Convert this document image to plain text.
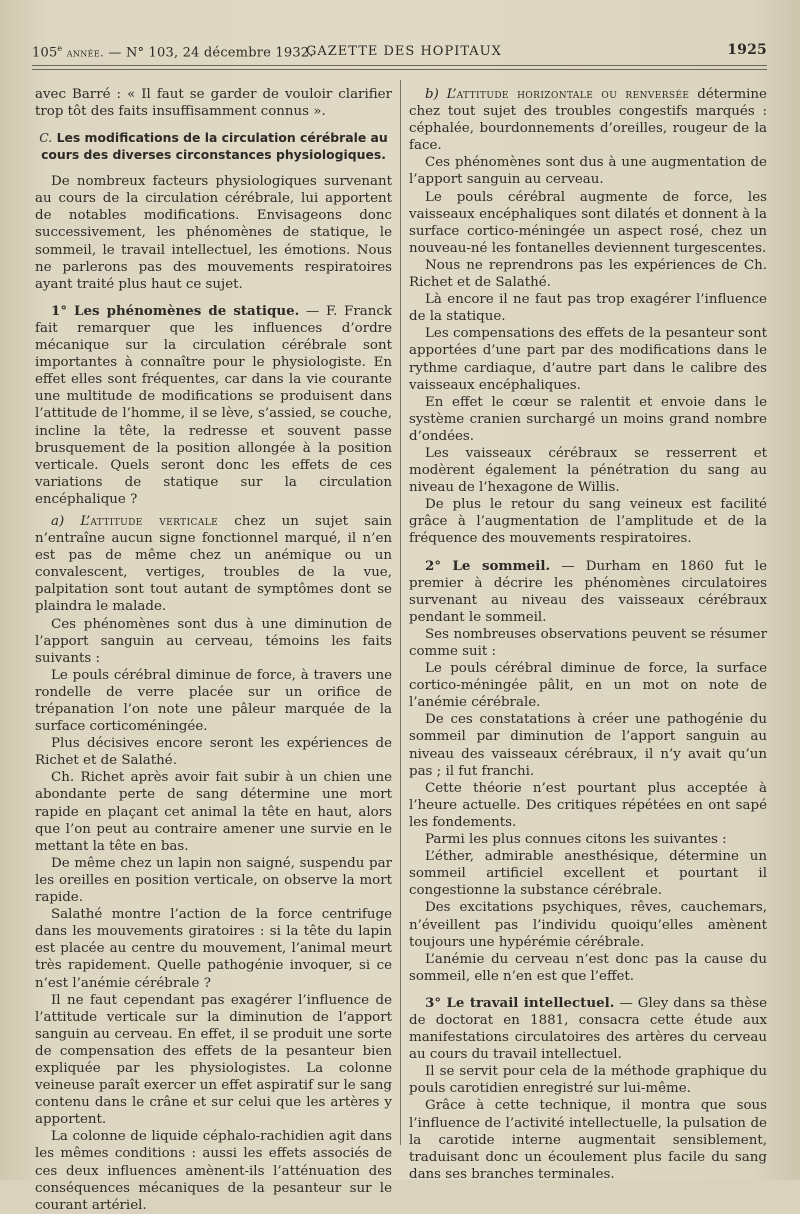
105e année. — N° 103, 24 décembre 1932.
GAZETTE DES HOPITAUX	1925

avec Barré : « Il faut se garder de vouloir clarifier trop tôt des faits insuffisamment connus ».

C. Les modifications de la circulation cérébrale au cours des diverses circonstances physiologiques.

De nombreux facteurs physiologiques survenant au cours de la circulation cérébrale, lui apportent de notables modifications. Envisageons donc successivement, les phénomènes de statique, le sommeil, le travail intellectuel, les émotions. Nous ne parlerons pas des mouvements respiratoires ayant traité plus haut ce sujet.

1° Les phénomènes de statique. — F. Franck fait remarquer que les influences d’ordre mécanique sur la circulation cérébrale sont importantes à connaître pour le physiologiste. En effet elles sont fréquentes, car dans la vie courante une multitude de modifications se produisent dans l’attitude de l’homme, il se lève, s’assied, se couche, incline la tête, la redresse et souvent passe brusquement de la position allongée à la position verticale. Quels seront donc les effets de ces variations de statique sur la circulation encéphalique ?

a) L’attitude verticale chez un sujet sain n’entraîne aucun signe fonctionnel marqué, il n’en est pas de même chez un anémique ou un convalescent, vertiges, troubles de la vue, palpitation sont tout autant de symptômes dont se plaindra le malade.

Ces phénomènes sont dus à une diminution de l’apport sanguin au cerveau, témoins les faits suivants :

Le pouls cérébral diminue de force, à travers une rondelle de verre placée sur un orifice de trépanation l’on note une pâleur marquée de la surface corticoméningée.

Plus décisives encore seront les expériences de Richet et de Salathé.

Ch. Richet après avoir fait subir à un chien une abondante perte de sang détermine une mort rapide en plaçant cet animal la tête en haut, alors que l’on peut au contraire amener une survie en le mettant la tête en bas.

De même chez un lapin non saigné, suspendu par les oreilles en position verticale, on observe la mort rapide.

Salathé montre l’action de la force centrifuge dans les mouvements giratoires : si la tête du lapin est placée au centre du mouvement, l’animal meurt très rapidement. Quelle pathogénie invoquer, si ce n’est l’anémie cérébrale ?

Il ne faut cependant pas exagérer l’influence de l’attitude verticale sur la diminution de l’apport sanguin au cerveau. En effet, il se produit une sorte de compensation des effets de la pesanteur bien expliquée par les physiologistes. La colonne veineuse paraît exercer un effet aspiratif sur le sang contenu dans le crâne et sur celui que les artères y apportent.

La colonne de liquide céphalo-rachidien agit dans les mêmes conditions : aussi les effets associés de ces deux influences amènent-ils l’atténuation des conséquences mécaniques de la pesanteur sur le courant artériel.

b) L’attitude horizontale ou renversée détermine chez tout sujet des troubles congestifs marqués : céphalée, bourdonnements d’oreilles, rougeur de la face.

Ces phénomènes sont dus à une augmentation de l’apport sanguin au cerveau.

Le pouls cérébral augmente de force, les vaisseaux encéphaliques sont dilatés et donnent à la surface cortico-méningée un aspect rosé, chez un nouveau-né les fontanelles deviennent turgescentes.

Nous ne reprendrons pas les expériences de Ch. Richet et de Salathé.

Là encore il ne faut pas trop exagérer l’influence de la statique.

Les compensations des effets de la pesanteur sont apportées d’une part par des modifications dans le rythme cardiaque, d’autre part dans le calibre des vaisseaux encéphaliques.

En effet le cœur se ralentit et envoie dans le système cranien surchargé un moins grand nombre d’ondées.

Les vaisseaux cérébraux se resserrent et modèrent également la pénétration du sang au niveau de l’hexagone de Willis.

De plus le retour du sang veineux est facilité grâce à l’augmentation de l’amplitude et de la fréquence des mouvements respiratoires.

2° Le sommeil. — Durham en 1860 fut le premier à décrire les phénomènes circulatoires survenant au niveau des vaisseaux cérébraux pendant le sommeil.

Ses nombreuses observations peuvent se résumer comme suit :

Le pouls cérébral diminue de force, la surface cortico-méningée pâlit, en un mot on note de l’anémie cérébrale.

De ces constatations à créer une pathogénie du sommeil par diminution de l’apport sanguin au niveau des vaisseaux cérébraux, il n’y avait qu’un pas ; il fut franchi.

Cette théorie n’est pourtant plus acceptée à l’heure actuelle. Des critiques répétées en ont sapé les fondements.

Parmi les plus connues citons les suivantes :

L’éther, admirable anesthésique, détermine un sommeil artificiel excellent et pourtant il congestionne la substance cérébrale.

Des excitations psychiques, rêves, cauchemars, n’éveillent pas l’individu quoiqu’elles amènent toujours une hypérémie cérébrale.

L’anémie du cerveau n’est donc pas la cause du sommeil, elle n’en est que l’effet.

3° Le travail intellectuel. — Gley dans sa thèse de doctorat en 1881, consacra cette étude aux manifestations circulatoires des artères du cerveau au cours du travail intellectuel.

Il se servit pour cela de la méthode graphique du pouls carotidien enregistré sur lui-même.

Grâce à cette technique, il montra que sous l’influence de l’activité intellectuelle, la pulsation de la carotide interne augmentait sensiblement, traduisant donc un écoulement plus facile du sang dans ses branches terminales.
